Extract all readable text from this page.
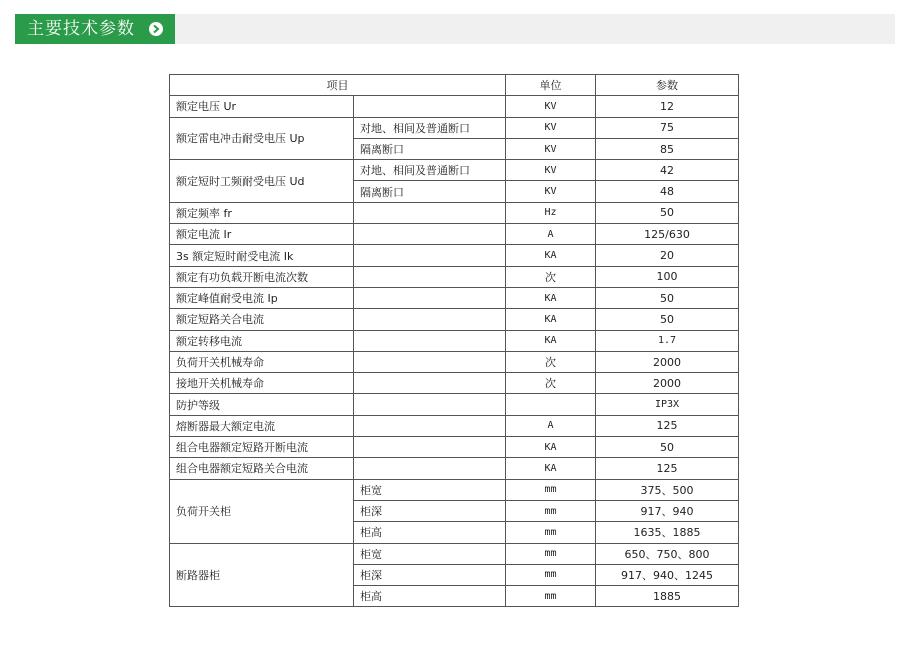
主要技术参数
项目		单位	参数
额定电压 Ur		KV	12
额定雷电冲击耐受电压 Up	对地、相间及普通断口	KV	75
	隔离断口	KV	85
额定短时工频耐受电压 Ud	对地、相间及普通断口	KV	42
	隔离断口	KV	48
额定频率 fr		Hz	50
额定电流 Ir		A	125/630
3s 额定短时耐受电流 Ik		KA	20
额定有功负载开断电流次数		次	100
额定峰值耐受电流 Ip		KA	50
额定短路关合电流		KA	50
额定转移电流		KA	1.7
负荷开关机械寿命		次	2000
接地开关机械寿命		次	2000
防护等级			IP3X
熔断器最大额定电流		A	125
组合电器额定短路开断电流		KA	50
组合电器额定短路关合电流		KA	125
负荷开关柜	柜宽	mm	375、500
	柜深	mm	917、940
	柜高	mm	1635、1885
断路器柜	柜宽	mm	650、750、800
	柜深	mm	917、940、1245
	柜高	mm	1885
